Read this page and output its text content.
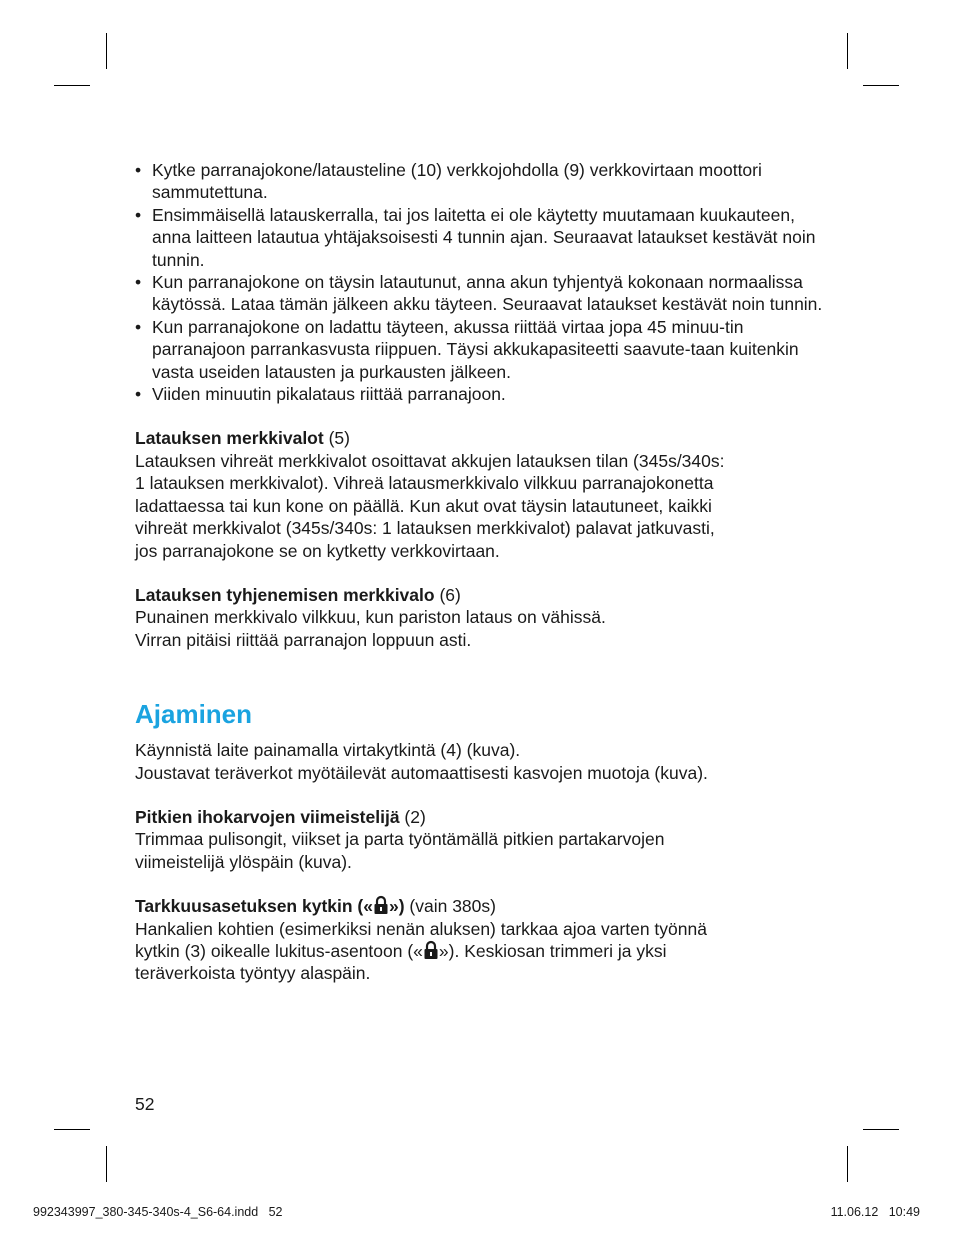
• Kytke parranajokone/latausteline (10) verkkojohdolla (9) verkkovirtaan moottori sammutettuna.
• Ensimmäisellä latauskerralla, tai jos laitetta ei ole käytetty muutamaan kuukauteen, anna laitteen latautua yhtäjaksoisesti 4 tunnin ajan. Seuraavat lataukset kestävät noin tunnin.
• Kun parranajokone on täysin latautunut, anna akun tyhjentyä kokonaan normaalissa käytössä. Lataa tämän jälkeen akku täyteen. Seuraavat lataukset kestävät noin tunnin.
• Kun parranajokone on ladattu täyteen, akussa riittää virtaa jopa 45 minuu-tin parranajoon parrankasvusta riippuen. Täysi akkukapasiteetti saavute-taan kuitenkin vasta useiden latausten ja purkausten jälkeen.
• Viiden minuutin pikalataus riittää parranajoon.

Latauksen merkkivalot (5)

Latauksen vihreät merkkivalot osoittavat akkujen latauksen tilan (345s/340s:

1 latauksen merkkivalot). Vihreä latausmerkkivalo vilkkuu parranajokonetta

ladattaessa tai kun kone on päällä. Kun akut ovat täysin latautuneet, kaikki

vihreät merkkivalot (345s/340s: 1 latauksen merkkivalot) palavat jatkuvasti,

jos parranajokone se on kytketty verkkovirtaan.

Latauksen tyhjenemisen merkkivalo (6)

Punainen merkkivalo vilkkuu, kun pariston lataus on vähissä.

Virran pitäisi riittää parranajon loppuun asti.

Ajaminen

Käynnistä laite painamalla virtakytkintä (4) (kuva).

Joustavat teräverkot myötäilevät automaattisesti kasvojen muotoja (kuva).

Pitkien ihokarvojen viimeistelijä (2)

Trimmaa pulisongit, viikset ja parta työntämällä pitkien partakarvojen

viimeistelijä ylöspäin (kuva).

Tarkkuusasetuksen kytkin (« ») (vain 380s)

Hankalien kohtien (esimerkiksi nenän aluksen) tarkkaa ajoa varten työnnä

kytkin (3) oikealle lukitus-asentoon (« »). Keskiosan trimmeri ja yksi

teräverkoista työntyy alaspäin.

52
992343997_380-345-340s-4_S6-64.indd   52	11.06.12   10:49
